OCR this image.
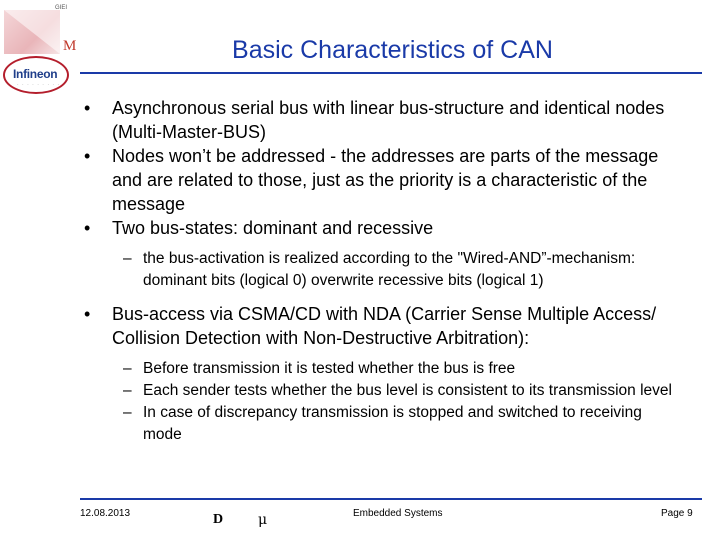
GIEI
M
Infineon
· · · · · · · · ·
Basic Characteristics of CAN
•	Asynchronous serial bus with linear bus-structure and identical nodes (Multi-Master-BUS)
•	Nodes won’t be addressed - the addresses are parts of the message and are related to those, just as the priority is a characteristic of the message
•	Two bus-states: dominant and recessive
– the bus-activation is realized according to the "Wired-AND”-mechanism:
dominant bits (logical 0) overwrite recessive bits (logical 1)
•	Bus-access via CSMA/CD with NDA (Carrier Sense Multiple Access/ Collision Detection with Non-Destructive Arbitration):
– Before transmission it is tested whether the bus is free
– Each sender tests whether the bus level is consistent to its transmission level
– In case of discrepancy transmission is stopped and switched to receiving mode
12.08.2013	D μ	Embedded Systems	Page 9
